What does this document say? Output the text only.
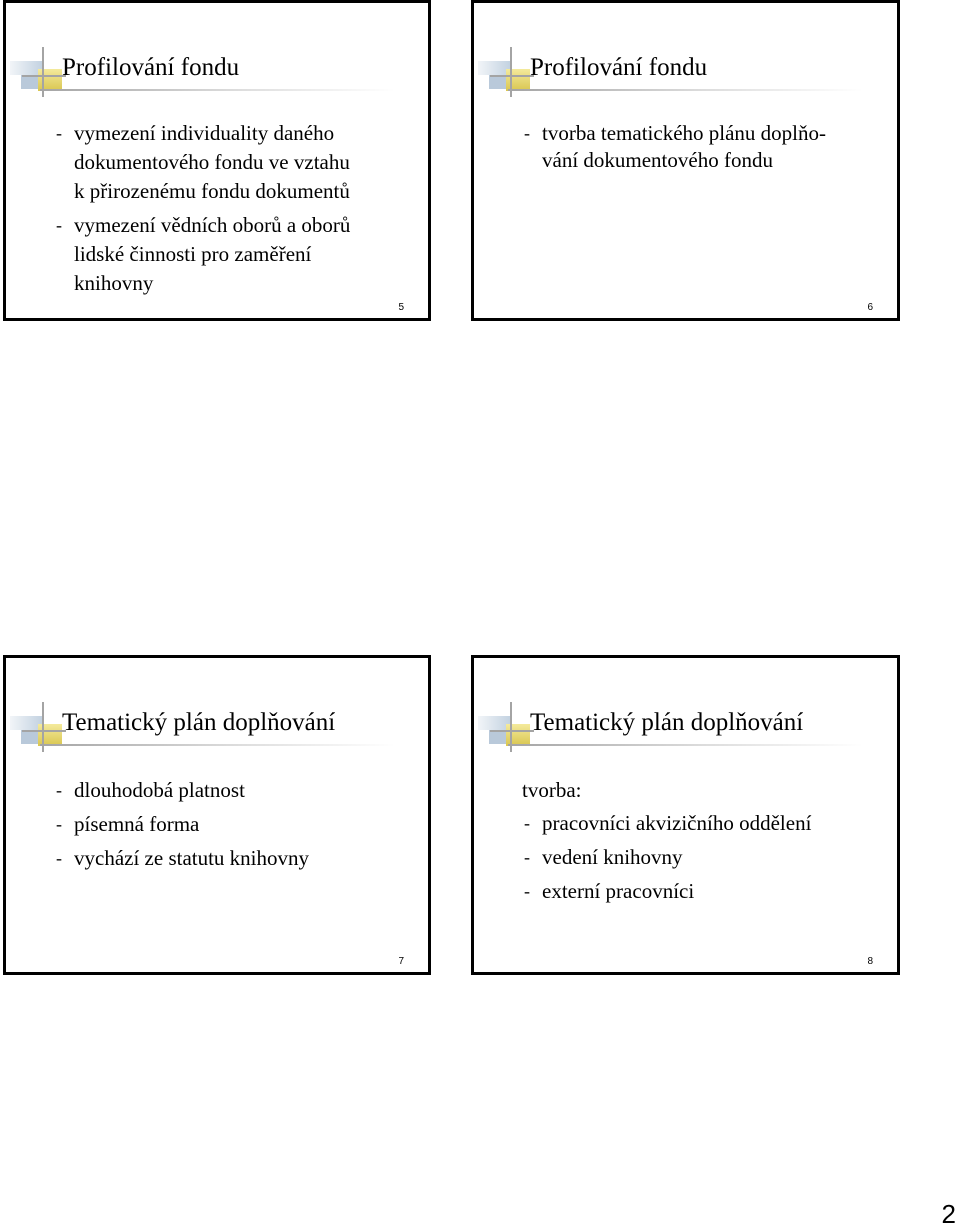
Profilování fondu
- vymezení individuality daného
dokumentového fondu ve vztahu
k přirozenému fondu dokumentů
- vymezení vědních oborů a oborů
lidské činnosti pro zaměření
knihovny
5
Profilování fondu
- tvorba tematického plánu doplňo-
vání dokumentového fondu
6
Tematický plán doplňování
- dlouhodobá platnost
- písemná forma
- vychází ze statutu knihovny
7
Tematický plán doplňování
tvorba:
- pracovníci akvizičního oddělení
- vedení knihovny
- externí pracovníci
8
2
